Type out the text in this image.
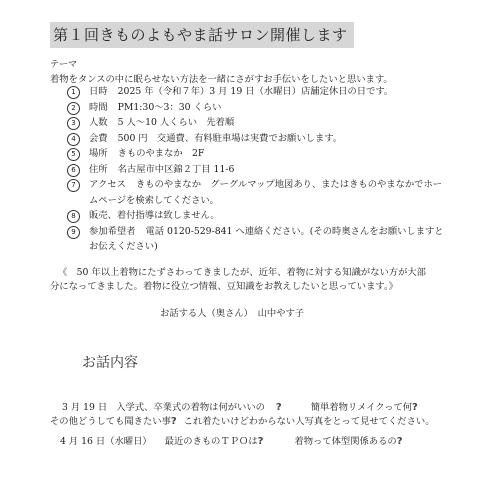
第１回きものよもやま話サロン開催します
テーマ
着物をタンスの中に眠らせない方法を一緒にさがすお手伝いをしたいと思います。
1	日時 2025 年（令和７年）3 月 19 日（水曜日）店舗定休日の日です。
2	時間 PM1:30～3：30 くらい
3	人数 5 人～10 人くらい　先着順
4	会費 500 円　交通費、有料駐車場は実費でお願いします。
5	場所 きものやまなか　2F
6	住所 名古屋市中区錦２丁目 11-6
7	アクセス きものやまなか　グーグルマップ地図あり、またはきものやまなかでホームページを検索してください。
8	販売、着付指導は致しません。
9	参加希望者 電話 0120-529-841 へ連絡ください。(その時奥さんをお願いしますとお伝えください)
《　50 年以上着物にたずさわってきましたが、近年、着物に対する知識がない方が大部
分になってきました。着物に役立つ情報、豆知識をお教えしたいと思っています。》
お話する人（奥さん）　山中やす子
お話内容
3 月 19 日 入学式、卒業式の着物は何がいいの ?	簡単着物リメイクって何?
その他どうしても聞きたい事? これ着たいけどわからない人写真をとって見せてください。
4 月 16 日（水曜日） 最近のきものＴＰＯは?	着物って体型関係あるの?
